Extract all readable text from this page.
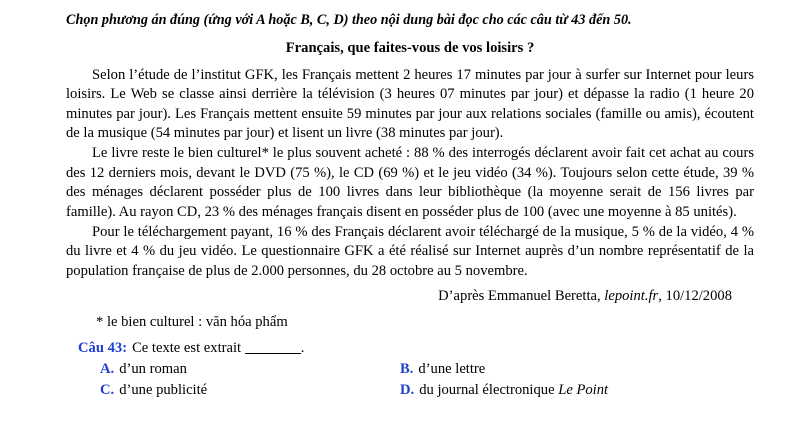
Chọn phương án đúng (ứng với A hoặc B, C, D) theo nội dung bài đọc cho các câu từ 43 đến 50.

Français, que faites-vous de vos loisirs ?

Selon l’étude de l’institut GFK, les Français mettent 2 heures 17 minutes par jour à surfer sur Internet pour leurs loisirs. Le Web se classe ainsi derrière la télévision (3 heures 07 minutes par jour) et dépasse la radio (1 heure 20 minutes par jour). Les Français mettent ensuite 59 minutes par jour aux relations sociales (famille ou amis), écoutent de la musique (54 minutes par jour) et lisent un livre (38 minutes par jour).

Le livre reste le bien culturel* le plus souvent acheté : 88 % des interrogés déclarent avoir fait cet achat au cours des 12 derniers mois, devant le DVD (75 %), le CD (69 %) et le jeu vidéo (34 %). Toujours selon cette étude, 39 % des ménages déclarent posséder plus de 100 livres dans leur bibliothèque (la moyenne serait de 156 livres par famille). Au rayon CD, 23 % des ménages français disent en posséder plus de 100 (avec une moyenne à 85 unités).

Pour le téléchargement payant, 16 % des Français déclarent avoir téléchargé de la musique, 5 % de la vidéo, 4 % du livre et 4 % du jeu vidéo. Le questionnaire GFK a été réalisé sur Internet auprès d’un nombre représentatif de la population française de plus de 2.000 personnes, du 28 octobre au 5 novembre.

D’après Emmanuel Beretta, lepoint.fr, 10/12/2008

* le bien culturel : văn hóa phẩm

Câu 43: Ce texte est extrait	.

A. d’un roman	B. d’une lettre
C. d’une publicité	D. du journal électronique Le Point
